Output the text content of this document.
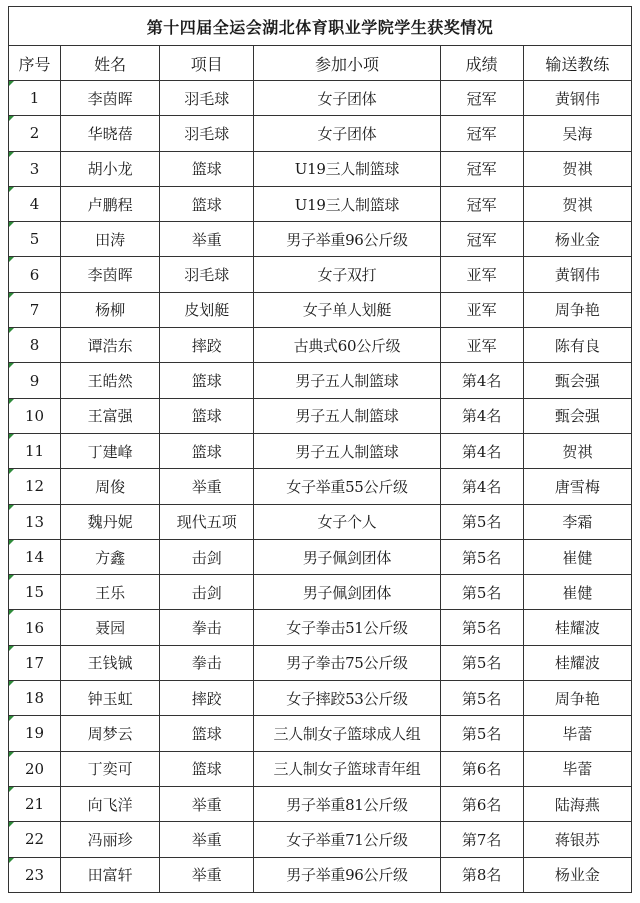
第十四届全运会湖北体育职业学院学生获奖情况					
序号	姓名	项目	参加小项	成绩	输送教练
1	李茵晖	羽毛球	女子团体	冠军	黄钢伟
2	华晓蓓	羽毛球	女子团体	冠军	吴海
3	胡小龙	篮球	U19三人制篮球	冠军	贺祺
4	卢鹏程	篮球	U19三人制篮球	冠军	贺祺
5	田涛	举重	男子举重96公斤级	冠军	杨业金
6	李茵晖	羽毛球	女子双打	亚军	黄钢伟
7	杨柳	皮划艇	女子单人划艇	亚军	周争艳
8	谭浩东	摔跤	古典式60公斤级	亚军	陈有良
9	王皓然	篮球	男子五人制篮球	第4名	甄会强
10	王富强	篮球	男子五人制篮球	第4名	甄会强
11	丁建峰	篮球	男子五人制篮球	第4名	贺祺
12	周俊	举重	女子举重55公斤级	第4名	唐雪梅
13	魏丹妮	现代五项	女子个人	第5名	李霜
14	方鑫	击剑	男子佩剑团体	第5名	崔健
15	王乐	击剑	男子佩剑团体	第5名	崔健
16	聂园	拳击	女子拳击51公斤级	第5名	桂耀波
17	王钱铖	拳击	男子拳击75公斤级	第5名	桂耀波
18	钟玉虹	摔跤	女子摔跤53公斤级	第5名	周争艳
19	周梦云	篮球	三人制女子篮球成人组	第5名	毕蕾
20	丁奕可	篮球	三人制女子篮球青年组	第6名	毕蕾
21	向飞洋	举重	男子举重81公斤级	第6名	陆海燕
22	冯丽珍	举重	女子举重71公斤级	第7名	蒋银苏
23	田富轩	举重	男子举重96公斤级	第8名	杨业金
